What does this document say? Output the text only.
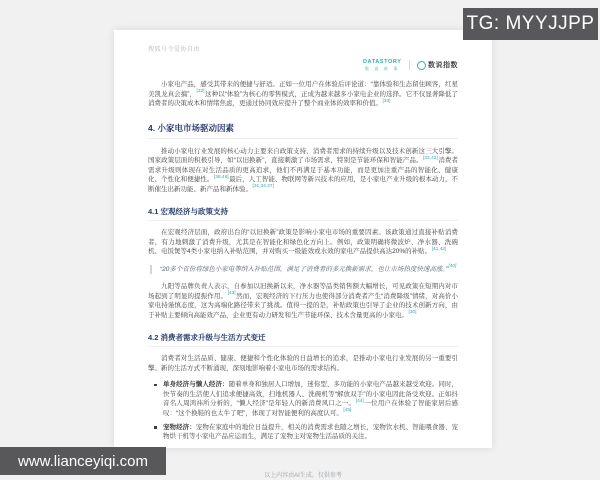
搜狐号令爱协自由
DATASTORY
数 说 故 事	数说指数
小家电产品，感受其带来的便捷与舒适。正如一位用户在体验后评论道：“靠体验和生态留住顾客，红星美凯龙真会搞”，[32]这种以“体验”为核心的零售模式，正成为越来越多小家电企业的选择。它不仅显著降低了消费者的决策成本和情绪焦虑，更通过协同效应提升了整个商业体的效率和价值。[33]
4. 小家电市场驱动因素
推动小家电行业发展的核心动力主要来自政策支持、消费者需求的持续升级以及技术创新这三大引擎。国家政策层面的积极引导，如“以旧换新”，直接刺激了市场需求，特别是节能环保和智能产品。[32,43]消费者需求升级则体现在对生活品质的更高追求，他们不再满足于基本功能，而是更加注重产品的智能化、健康化、个性化和便捷性。[39,46]最后，人工智能、物联网等新兴技术的应用，是小家电产业升级的根本动力，不断催生出新功能、新产品和新体验。[31,34,37]
4.1 宏观经济与政策支持
在宏观经济层面，政府出台的“以旧换新”政策是影响小家电市场的重要因素。该政策通过直接补贴消费者，有力地刺激了消费升级，尤其是在智能化和绿色化方向上。例如，政策明确将微波炉、净水器、洗碗机、电饭煲等4类小家电纳入补贴范围，并对购买一级能效或水效的家电产品提供高达20%的补贴。[41,42]
“20多个省份将绿色小家电等纳入补贴范围，满足了消费者的多元换新需求，也让市场热度快速高涨。”[40]
九阳等品牌负责人表示，自参加以旧换新以来，净水器等品类销售额大幅增长，可见政策在短期内对市场起到了明显的提振作用。[43]然而，宏观经济的下行压力也使得部分消费者产生“消费降级”情绪，对高价小家电持谨慎态度，这为高端化路径带来了挑战。值得一提的是，补贴政策也引导了企业的技术创新方向，由于补贴主要倾向高能效产品，企业更有动力研发和生产节能环保、技术含量更高的小家电。[30]
4.2 消费者需求升级与生活方式变迁
消费者对生活品质、健康、便捷和个性化体验的日益增长的追求，是推动小家电行业发展的另一重要引擎。新的生活方式不断涌现，深刻地影响着小家电市场的需求结构。
单身经济与懒人经济：随着单身和独居人口增加，迷你型、多功能的小家电产品越来越受欢迎。同时，快节奏的生活使人们追求便捷高效，扫地机器人、洗碗机等“解放双手”的小家电因此备受欢迎。正如抖音名人周鸿祎所分析的，“懒人经济”是年轻人的新消费风口之一。[44]一位用户在体验了智能家居后感叹：“这个换鞋的也太牛了吧”，体现了对智能便利的高度认可。[45]
宠物经济：宠物在家庭中的地位日益提升，相关的消费需求也随之增长，宠物饮水机、智能喂食器、宠物烘干机等小家电产品应运而生，满足了宠物主对宠物生活品质的关注。
以上内容由AI生成，仅供参考
TG: MYYJJPP
www.lianceyiqi.com
